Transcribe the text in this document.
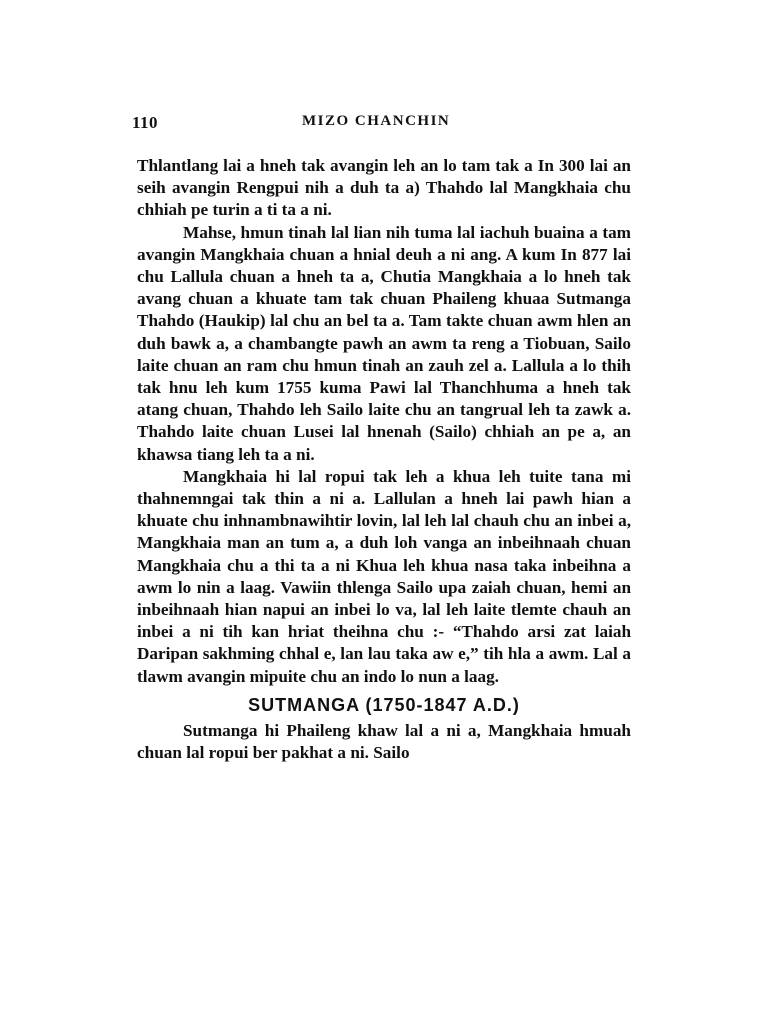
110	MIZO CHANCHIN

Thlantlang lai a hneh tak avangin leh an lo tam tak a In 300 lai an seih avangin Rengpui nih a duh ta a) Thahdo lal Mangkhaia chu chhiah pe turin a ti ta a ni.

Mahse, hmun tinah lal lian nih tuma lal iachuh buaina a tam avangin Mangkhaia chuan a hnial deuh a ni ang. A kum In 877 lai chu Lallula chuan a hneh ta a, Chutia Mangkhaia a lo hneh tak avang chuan a khuate tam tak chuan Phaileng khuaa Sutmanga Thahdo (Haukip) lal chu an bel ta a. Tam takte chuan awm hlen an duh bawk a, a chambangte pawh an awm ta reng a Tiobuan, Sailo laite chuan an ram chu hmun tinah an zauh zel a. Lallula a lo thih tak hnu leh kum 1755 kuma Pawi lal Thanchhuma a hneh tak atang chuan, Thahdo leh Sailo laite chu an tangrual leh ta zawk a. Thahdo laite chuan Lusei lal hnenah (Sailo) chhiah an pe a, an khawsa tiang leh ta a ni.

Mangkhaia hi lal ropui tak leh a khua leh tuite tana mi thahnemngai tak thin a ni a. Lallulan a hneh lai pawh hian a khuate chu inhnambnawihtir lovin, lal leh lal chauh chu an inbei a, Mangkhaia man an tum a, a duh loh vanga an inbeihnaah chuan Mangkhaia chu a thi ta a ni Khua leh khua nasa taka inbeihna a awm lo nin a laag. Vawiin thlenga Sailo upa zaiah chuan, hemi an inbeihnaah hian napui an inbei lo va, lal leh laite tlemte chauh an inbei a ni tih kan hriat theihna chu :- “Thahdo arsi zat laiah Daripan sakhming chhal e, lan lau taka aw e,” tih hla a awm. Lal a tlawm avangin mipuite chu an indo lo nun a laag.

SUTMANGA (1750-1847 A.D.)

Sutmanga hi Phaileng khaw lal a ni a, Mangkhaia hmuah chuan lal ropui ber pakhat a ni. Sailo
